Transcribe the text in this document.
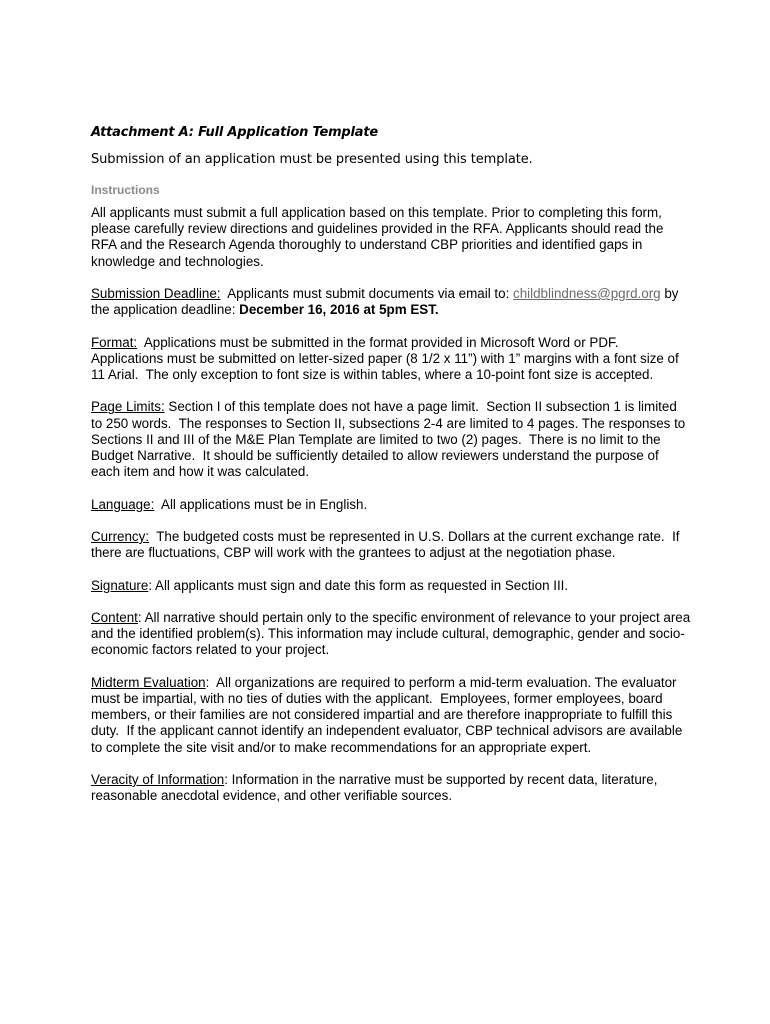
Attachment A: Full Application Template

Submission of an application must be presented using this template.

Instructions

All applicants must submit a full application based on this template. Prior to completing this form, please carefully review directions and guidelines provided in the RFA. Applicants should read the RFA and the Research Agenda thoroughly to understand CBP priorities and identified gaps in knowledge and technologies.

Submission Deadline:  Applicants must submit documents via email to: childblindness@pgrd.org by the application deadline: December 16, 2016 at 5pm EST.

Format:  Applications must be submitted in the format provided in Microsoft Word or PDF. Applications must be submitted on letter-sized paper (8 1/2 x 11”) with 1” margins with a font size of 11 Arial.  The only exception to font size is within tables, where a 10-point font size is accepted.

Page Limits: Section I of this template does not have a page limit.  Section II subsection 1 is limited to 250 words.  The responses to Section II, subsections 2-4 are limited to 4 pages. The responses to Sections II and III of the M&E Plan Template are limited to two (2) pages.  There is no limit to the Budget Narrative.  It should be sufficiently detailed to allow reviewers understand the purpose of each item and how it was calculated.

Language:  All applications must be in English.

Currency:  The budgeted costs must be represented in U.S. Dollars at the current exchange rate.  If there are fluctuations, CBP will work with the grantees to adjust at the negotiation phase.

Signature: All applicants must sign and date this form as requested in Section III.

Content: All narrative should pertain only to the specific environment of relevance to your project area and the identified problem(s). This information may include cultural, demographic, gender and socio-economic factors related to your project.

Midterm Evaluation:  All organizations are required to perform a mid-term evaluation. The evaluator must be impartial, with no ties of duties with the applicant.  Employees, former employees, board members, or their families are not considered impartial and are therefore inappropriate to fulfill this duty.  If the applicant cannot identify an independent evaluator, CBP technical advisors are available to complete the site visit and/or to make recommendations for an appropriate expert.

Veracity of Information: Information in the narrative must be supported by recent data, literature, reasonable anecdotal evidence, and other verifiable sources.
